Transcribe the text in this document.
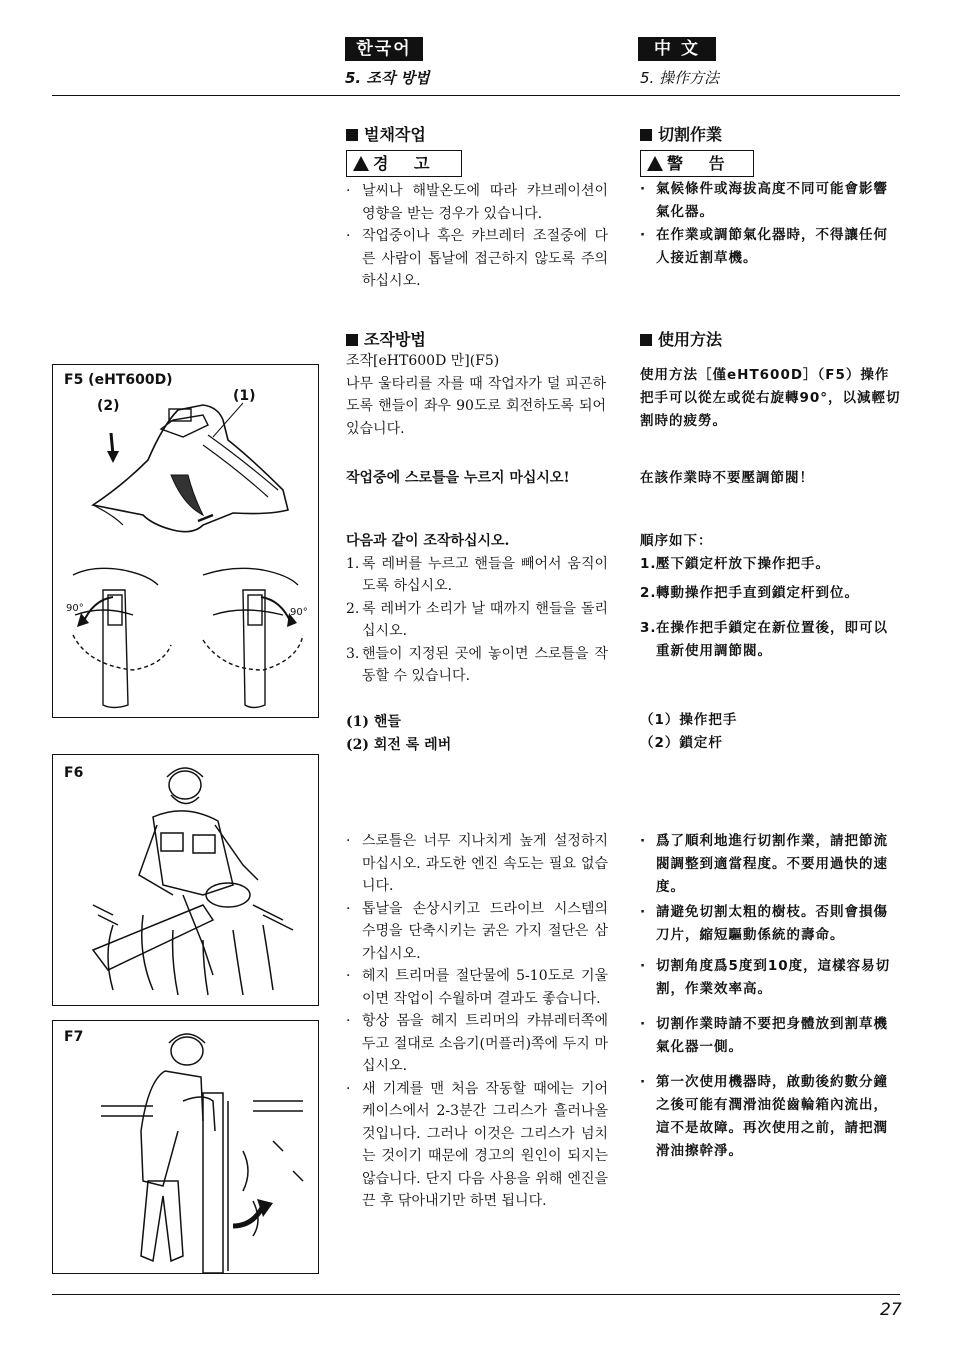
한국어	中 文
5. 조작 방법	5. 操作方法
벌채작업
경 고
· 날씨나 해발온도에 따라 캬브레이션이 영향을 받는 경우가 있습니다.
· 작업중이나 혹은 캬브레터 조절중에 다른 사람이 톱날에 접근하지 않도록 주의하십시오.
조작방법
조작[eHT600D 만](F5)
나무 울타리를 자를 때 작업자가 덜 피곤하도록 핸들이 좌우 90도로 회전하도록 되어 있습니다.
작업중에 스로틀을 누르지 마십시오!
다음과 같이 조작하십시오.
1. 록 레버를 누르고 핸들을 빼어서 움직이도록 하십시오.
2. 록 레버가 소리가 날 때까지 핸들을 돌리십시오.
3. 핸들이 지정된 곳에 놓이면 스로틀을 작동할 수 있습니다.
(1) 핸들
(2) 회전 록 레버
· 스로틀은 너무 지나치게 높게 설정하지 마십시오. 과도한 엔진 속도는 필요 없습니다.
· 톱날을 손상시키고 드라이브 시스템의 수명을 단축시키는 굵은 가지 절단은 삼가십시오.
· 헤지 트리머를 절단물에 5-10도로 기울이면 작업이 수월하며 결과도 좋습니다.
· 항상 몸을 헤지 트리머의 캬뷰레터쪽에 두고 절대로 소음기(머플러)쪽에 두지 마십시오.
· 새 기계를 맨 처음 작동할 때에는 기어 케이스에서 2-3분간 그리스가 흘러나올 것입니다. 그러나 이것은 그리스가 넘치는 것이기 때문에 경고의 원인이 되지는 않습니다. 단지 다음 사용을 위해 엔진을 끈 후 닦아내기만 하면 됩니다.
切割作業
警 告
· 氣候條件或海拔高度不同可能會影響氣化器。
· 在作業或調節氣化器時，不得讓任何人接近割草機。
使用方法
使用方法［僅eHT600D］（F5）操作把手可以從左或從右旋轉90°，以減輕切割時的疲勞。
在該作業時不要壓調節閥！
順序如下：
1. 壓下鎖定杆放下操作把手。
2. 轉動操作把手直到鎖定杆到位。
3. 在操作把手鎖定在新位置後，即可以重新使用調節閥。
（1）操作把手
（2）鎖定杆
· 爲了順利地進行切割作業，請把節流閥調整到適當程度。不要用過快的速度。
· 請避免切割太粗的樹枝。否則會損傷刀片，縮短驅動係統的壽命。
· 切割角度爲5度到10度，這樣容易切割，作業效率高。
· 切割作業時請不要把身體放到割草機氣化器一側。
· 第一次使用機器時，啟動後約數分鐘之後可能有潤滑油從齒輪箱內流出，這不是故障。再次使用之前，請把潤滑油擦幹淨。
F5 (eHT600D)
(2)
(1)
90°	90°
F6
F7
27
